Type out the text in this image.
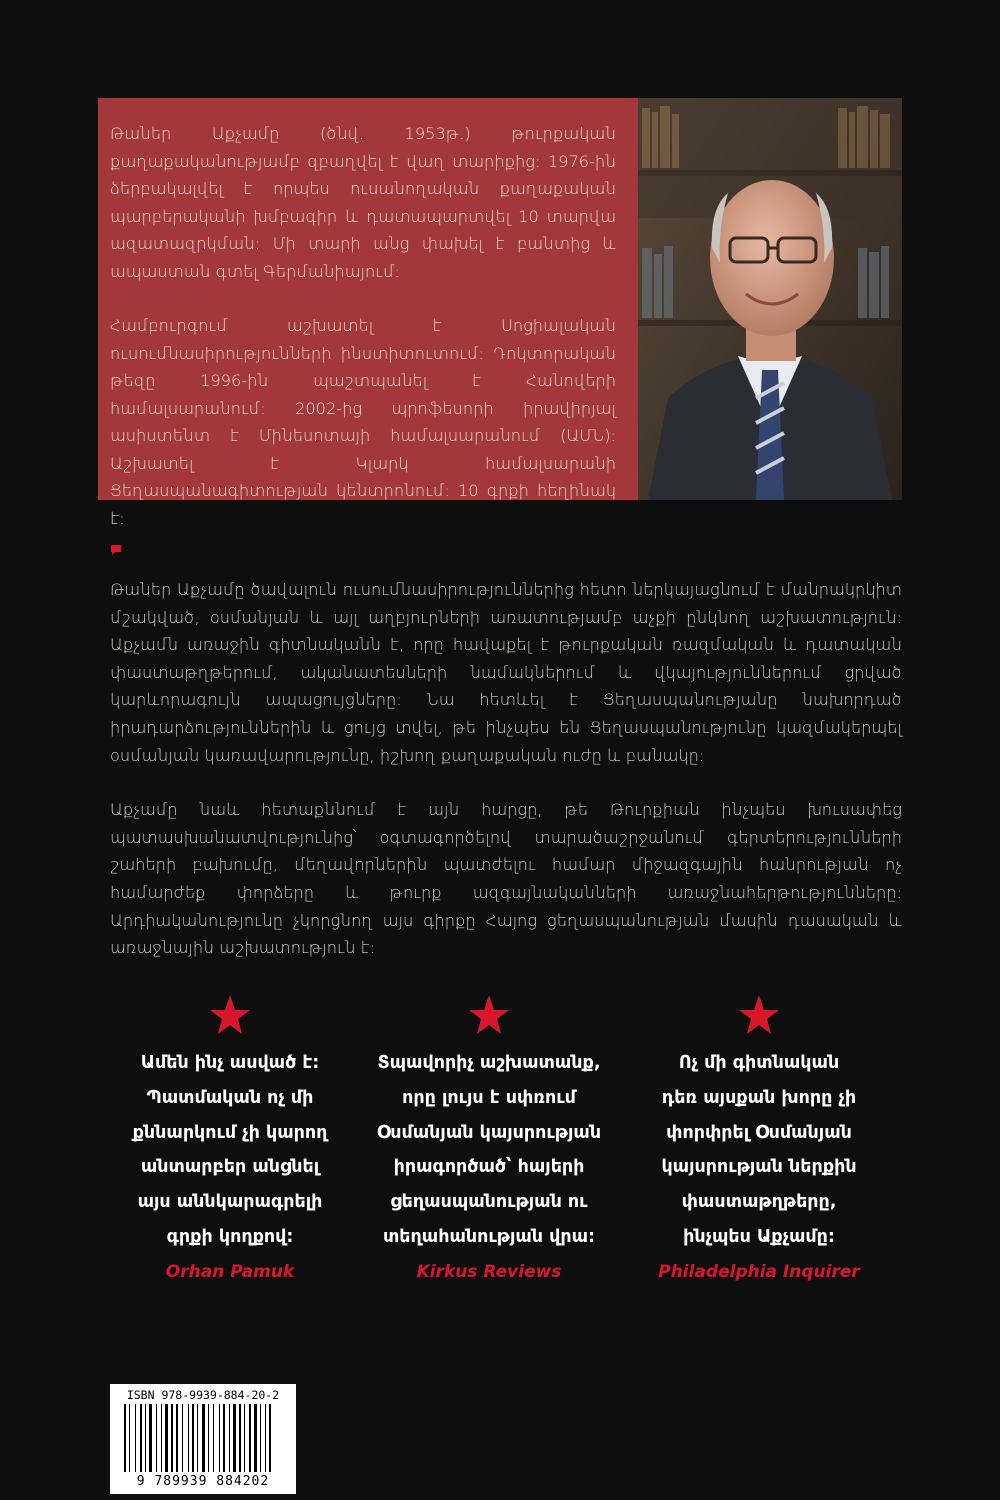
Թաներ Աքչամը (ծնվ. 1953թ.) թուրքական քաղաքականությամբ զբաղվել է վաղ տարիքից: 1976-ին ձերբակալվել է որպես ուսանողական քաղաքական պարբերականի խմբագիր և դատապարտվել 10 տարվա ազատազրկման: Մի տարի անց փախել է բանտից և ապաստան գտել Գերմանիայում:

Համբուրգում աշխատել է Սոցիալական ուսումնասիրությունների ինստիտուտում: Դոկտորական թեզը 1996-ին պաշտպանել է Հանովերի համալսարանում: 2002-ից պրոֆեսորի իրավիրյալ ասիստենտ է Մինեսոտայի համալսարանում (ԱՄՆ): Աշխատել է Կլարկ համալսարանի Ցեղասպանագիտության կենտրոնում: 10 գրքի հեղինակ է:

Թաներ Աքչամը ծավալուն ուսումնասիրություններից հետո ներկայացնում է մանրակրկիտ մշակված, օսմանյան և այլ աղբյուրների առատությամբ աչքի ընկնող աշխատություն: Աքչամն առաջին գիտնականն է, որը հավաքել է թուրքական ռազմական և դատական փաստաթղթերում, ականատեսների նամակներում և վկայություններում ցրված կարևորագույն ապացույցները: Նա հետևել է Ցեղասպանությանը նախորդած իրադարձություններին և ցույց տվել, թե ինչպես են Ցեղասպանությունը կազմակերպել օսմանյան կառավարությունը, իշխող քաղաքական ուժը և բանակը:

Աքչամը նաև հետաքննում է այն հարցը, թե Թուրքիան ինչպես խուսափեց պատասխանատվությունից՝ օգտագործելով տարածաշրջանում գերտերությունների շահերի բախումը, մեղավորներին պատժելու համար միջազգային հանրության ոչ համարժեք փորձերը և թուրք ազգայնականների առաջնահերթությունները: Արդիականությունը չկորցնող այս գիրքը Հայոց ցեղասպանության մասին դասական և առաջնային աշխատություն է:

Ամեն ինչ ասված է:
Պատմական ոչ մի
քննարկում չի կարող
անտարբեր անցնել
այս աննկարագրելի
գրքի կողքով:

Orhan Pamuk

Տպավորիչ աշխատանք,
որը լույս է սփռում
Օսմանյան կայսրության
իրագործած՝ հայերի
ցեղասպանության ու
տեղահանության վրա:

Kirkus Reviews

Ոչ մի գիտնական
դեռ այսքան խորը չի
փորփրել Օսմանյան
կայսրության ներքին
փաստաթղթերը,
ինչպես Աքչամը:

Philadelphia Inquirer

ISBN 978-9939-884-20-2
9 789939 884202
